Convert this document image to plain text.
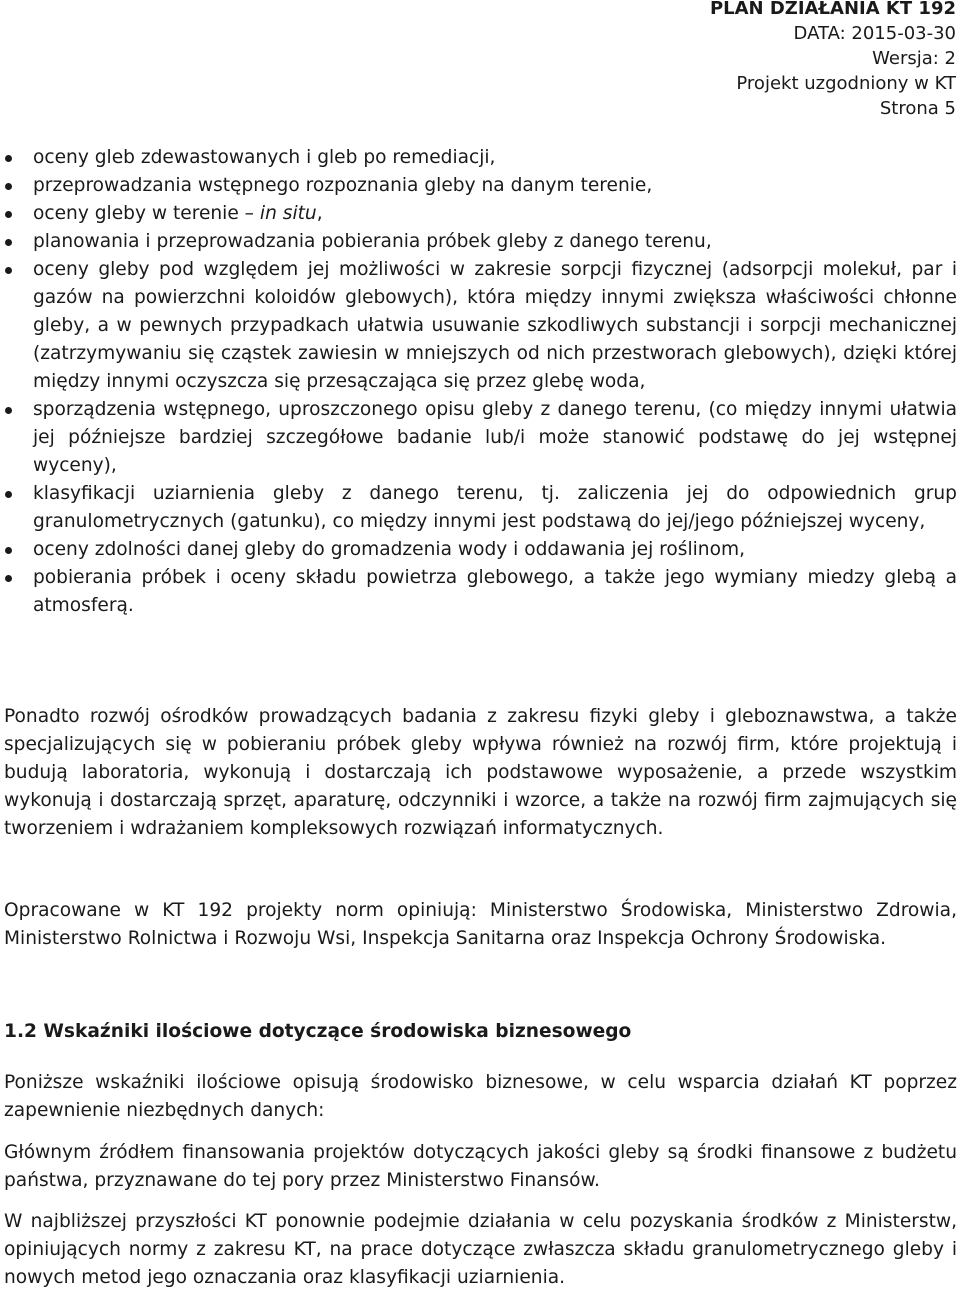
PLAN DZIAŁANIA KT 192
DATA: 2015-03-30
Wersja: 2
Projekt uzgodniony w KT
Strona 5
oceny gleb zdewastowanych i gleb po remediacji,
przeprowadzania wstępnego rozpoznania gleby na danym terenie,
oceny gleby w terenie – in situ,
planowania i przeprowadzania pobierania próbek gleby z danego terenu,
oceny gleby pod względem jej możliwości w zakresie sorpcji fizycznej (adsorpcji molekuł, par i gazów na powierzchni koloidów glebowych), która między innymi zwiększa właściwości chłonne gleby, a w pewnych przypadkach ułatwia usuwanie szkodliwych substancji i sorpcji mechanicznej (zatrzymywaniu się cząstek zawiesin w mniejszych od nich przestworach glebowych), dzięki której między innymi oczyszcza się przesączająca się przez glebę woda,
sporządzenia wstępnego, uproszczonego opisu gleby z danego terenu, (co między innymi ułatwia jej późniejsze bardziej szczegółowe badanie lub/i może stanowić podstawę do jej wstępnej wyceny),
klasyfikacji uziarnienia gleby z danego terenu, tj. zaliczenia jej do odpowiednich grup granulometrycznych (gatunku), co między innymi jest podstawą do jej/jego późniejszej wyceny,
oceny zdolności danej gleby do gromadzenia wody i oddawania jej roślinom,
pobierania próbek i oceny składu powietrza glebowego, a także jego wymiany miedzy glebą a atmosferą.

Ponadto rozwój ośrodków prowadzących badania z zakresu fizyki gleby i gleboznawstwa, a także specjalizujących się w pobieraniu próbek gleby wpływa również na rozwój firm, które projektują i budują laboratoria, wykonują i dostarczają ich podstawowe wyposażenie, a przede wszystkim wykonują i dostarczają sprzęt, aparaturę, odczynniki i wzorce, a także na rozwój firm zajmujących się tworzeniem i wdrażaniem kompleksowych rozwiązań informatycznych.

Opracowane w KT 192 projekty norm opiniują: Ministerstwo Środowiska, Ministerstwo Zdrowia, Ministerstwo Rolnictwa i Rozwoju Wsi, Inspekcja Sanitarna oraz Inspekcja Ochrony Środowiska.

1.2 Wskaźniki ilościowe dotyczące środowiska biznesowego

Poniższe wskaźniki ilościowe opisują środowisko biznesowe, w celu wsparcia działań KT poprzez zapewnienie niezbędnych danych:

Głównym źródłem finansowania projektów dotyczących jakości gleby są środki finansowe z budżetu państwa, przyznawane do tej pory przez Ministerstwo Finansów.

W najbliższej przyszłości KT ponownie podejmie działania w celu pozyskania środków z Ministerstw, opiniujących normy z zakresu KT, na prace dotyczące zwłaszcza składu granulometrycznego gleby i nowych metod jego oznaczania oraz klasyfikacji uziarnienia.
